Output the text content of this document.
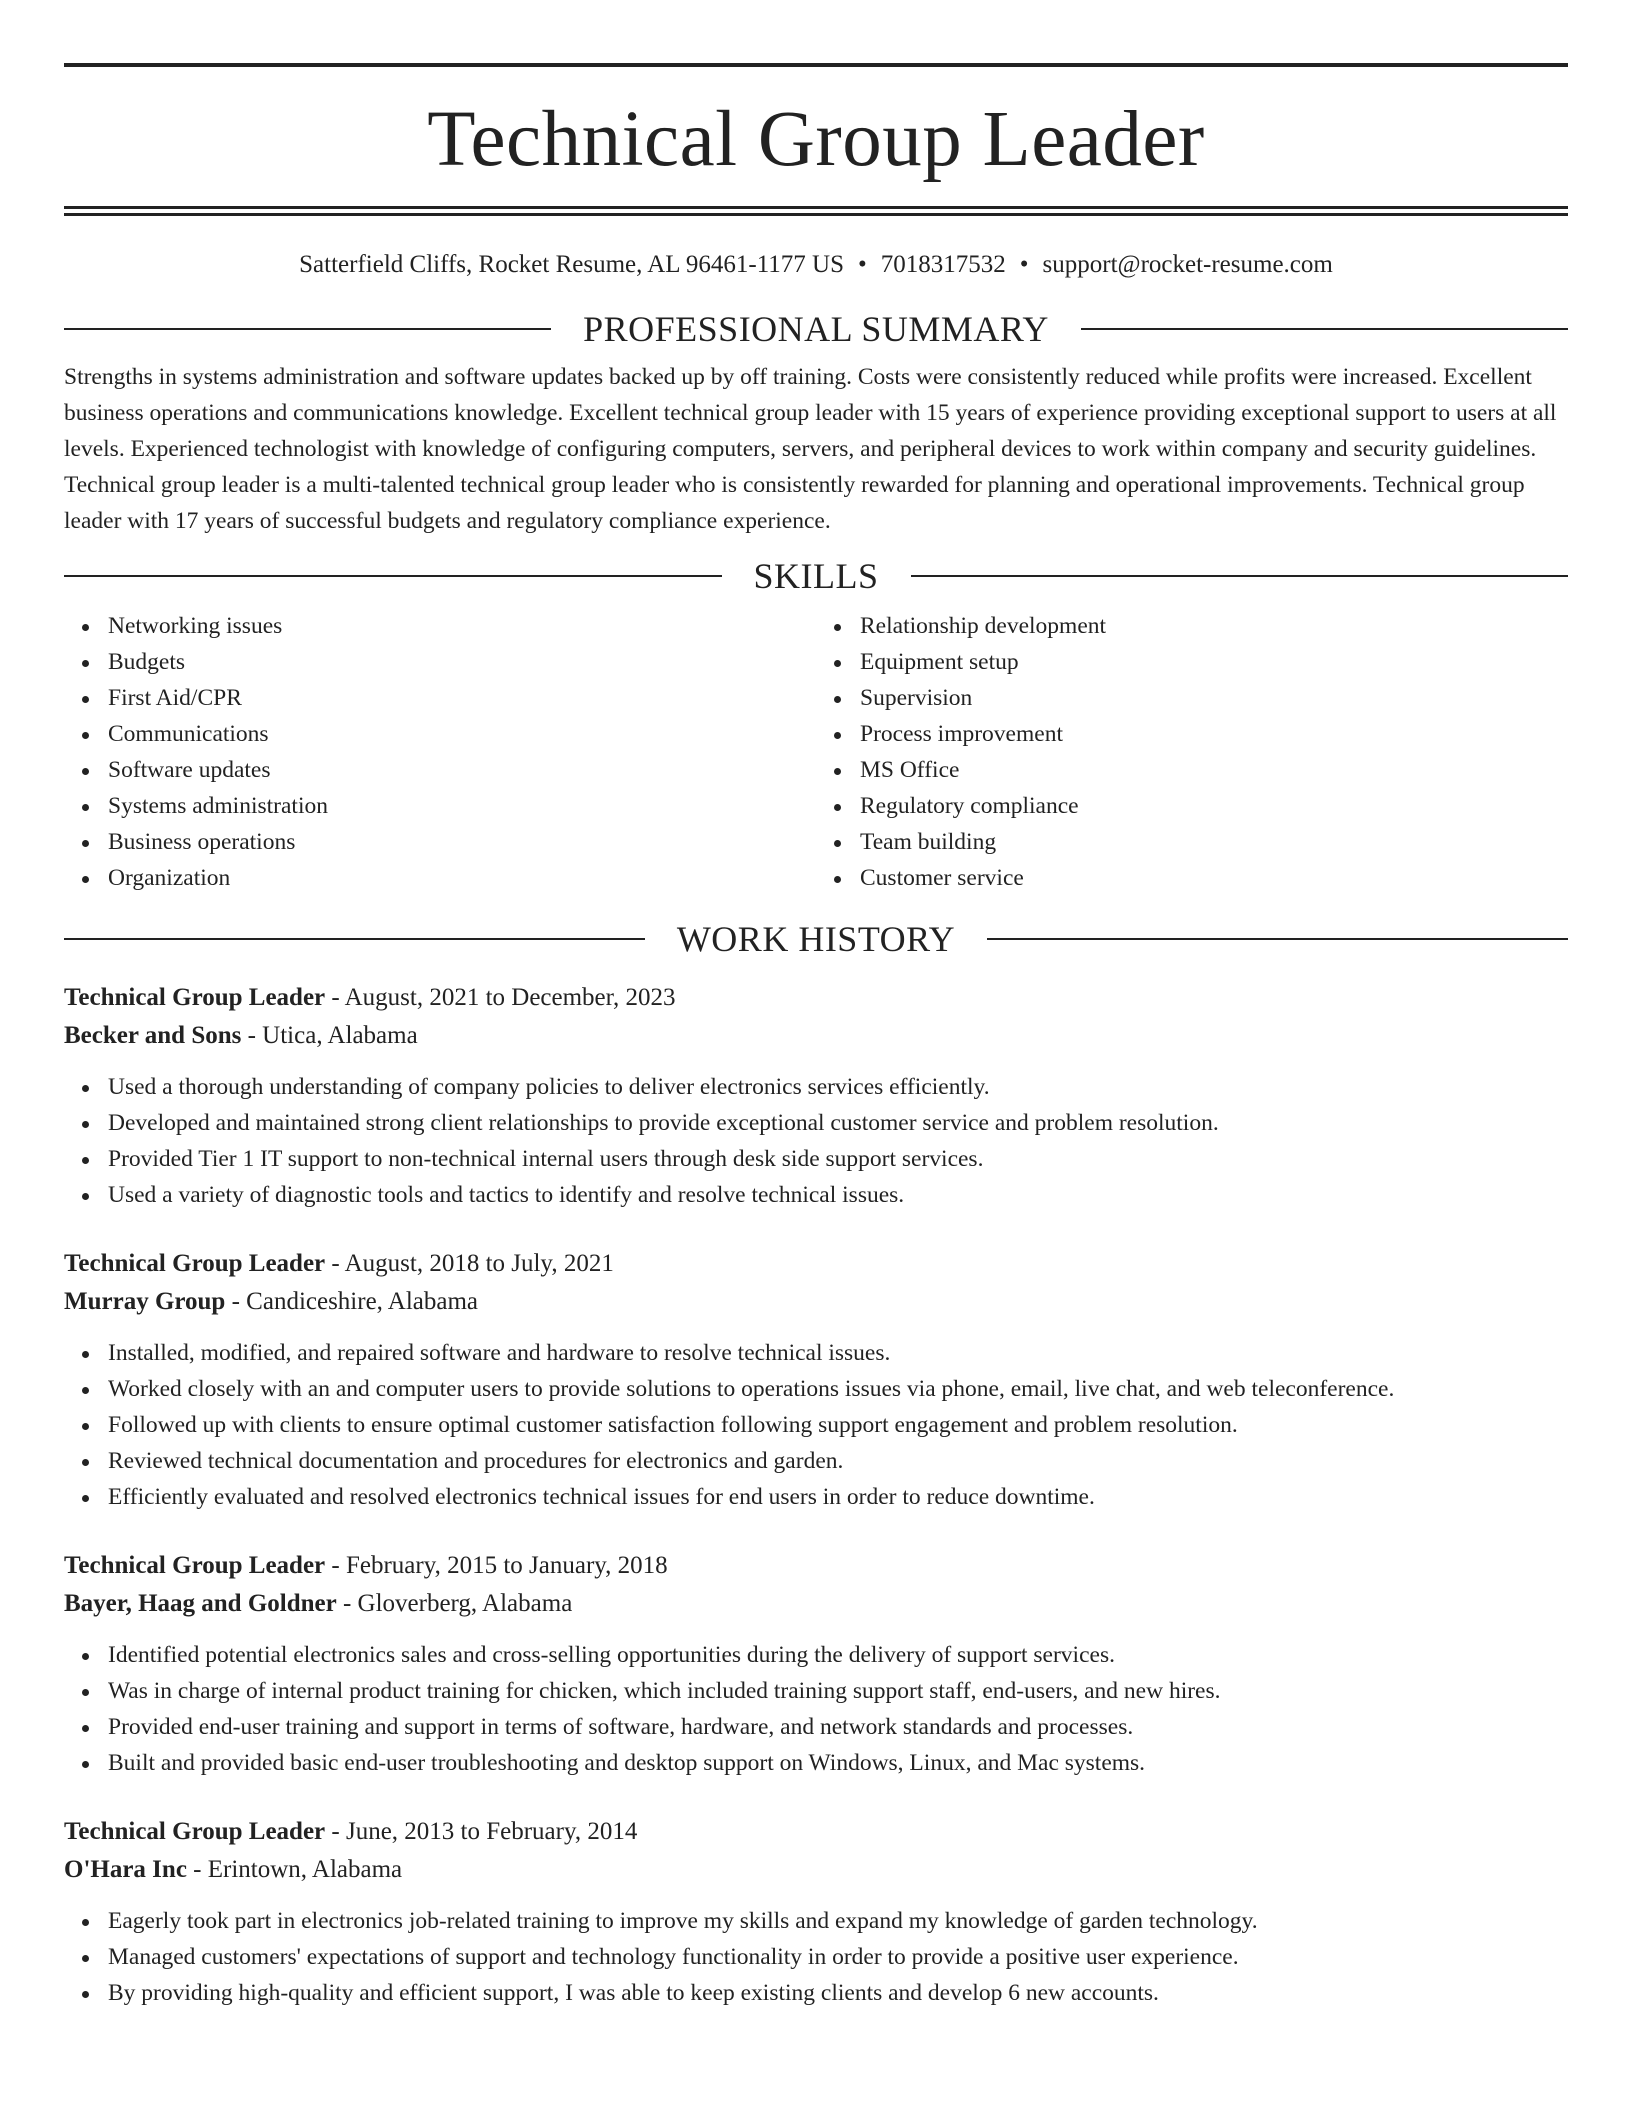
Technical Group Leader
Satterfield Cliffs, Rocket Resume, AL 96461-1177 US • 7018317532 • support@rocket-resume.com
PROFESSIONAL SUMMARY
Strengths in systems administration and software updates backed up by off training. Costs were consistently reduced while profits were increased. Excellent business operations and communications knowledge. Excellent technical group leader with 15 years of experience providing exceptional support to users at all levels. Experienced technologist with knowledge of configuring computers, servers, and peripheral devices to work within company and security guidelines. Technical group leader is a multi-talented technical group leader who is consistently rewarded for planning and operational improvements. Technical group leader with 17 years of successful budgets and regulatory compliance experience.
SKILLS
Networking issues
Budgets
First Aid/CPR
Communications
Software updates
Systems administration
Business operations
Organization
Relationship development
Equipment setup
Supervision
Process improvement
MS Office
Regulatory compliance
Team building
Customer service
WORK HISTORY
Technical Group Leader - August, 2021 to December, 2023
Becker and Sons - Utica, Alabama
Used a thorough understanding of company policies to deliver electronics services efficiently.
Developed and maintained strong client relationships to provide exceptional customer service and problem resolution.
Provided Tier 1 IT support to non-technical internal users through desk side support services.
Used a variety of diagnostic tools and tactics to identify and resolve technical issues.
Technical Group Leader - August, 2018 to July, 2021
Murray Group - Candiceshire, Alabama
Installed, modified, and repaired software and hardware to resolve technical issues.
Worked closely with an and computer users to provide solutions to operations issues via phone, email, live chat, and web teleconference.
Followed up with clients to ensure optimal customer satisfaction following support engagement and problem resolution.
Reviewed technical documentation and procedures for electronics and garden.
Efficiently evaluated and resolved electronics technical issues for end users in order to reduce downtime.
Technical Group Leader - February, 2015 to January, 2018
Bayer, Haag and Goldner - Gloverberg, Alabama
Identified potential electronics sales and cross-selling opportunities during the delivery of support services.
Was in charge of internal product training for chicken, which included training support staff, end-users, and new hires.
Provided end-user training and support in terms of software, hardware, and network standards and processes.
Built and provided basic end-user troubleshooting and desktop support on Windows, Linux, and Mac systems.
Technical Group Leader - June, 2013 to February, 2014
O'Hara Inc - Erintown, Alabama
Eagerly took part in electronics job-related training to improve my skills and expand my knowledge of garden technology.
Managed customers' expectations of support and technology functionality in order to provide a positive user experience.
By providing high-quality and efficient support, I was able to keep existing clients and develop 6 new accounts.
